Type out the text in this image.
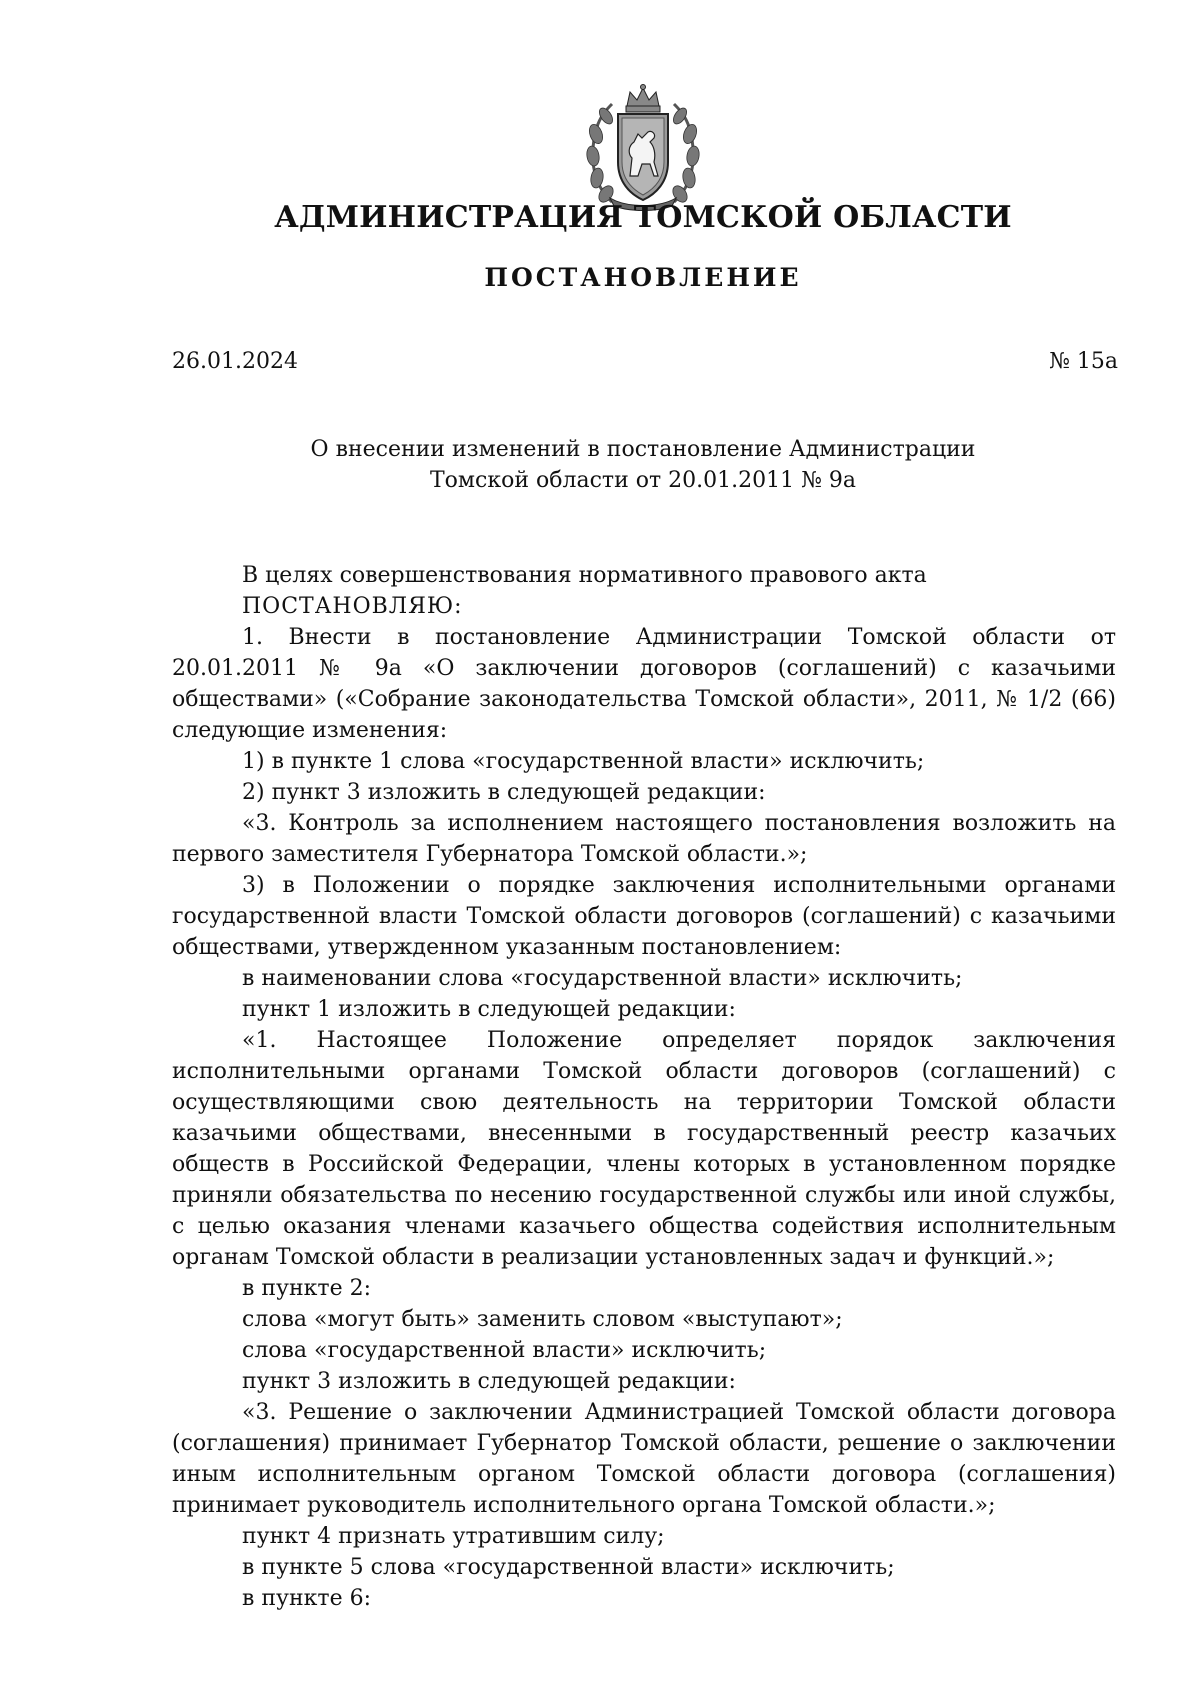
АДМИНИСТРАЦИЯ ТОМСКОЙ ОБЛАСТИ
ПОСТАНОВЛЕНИЕ
26.01.2024	№ 15а
О внесении изменений в постановление Администрации
Томской области от 20.01.2011 № 9а

В целях совершенствования нормативного правового акта

ПОСТАНОВЛЯЮ:

1. Внести в постановление Администрации Томской области от 20.01.2011 № 9а «О заключении договоров (соглашений) с казачьими обществами» («Собрание законодательства Томской области», 2011, № 1/2 (66) следующие изменения:

1) в пункте 1 слова «государственной власти» исключить;

2) пункт 3 изложить в следующей редакции:

«3. Контроль за исполнением настоящего постановления возложить на первого заместителя Губернатора Томской области.»;

3) в Положении о порядке заключения исполнительными органами государственной власти Томской области договоров (соглашений) с казачьими обществами, утвержденном указанным постановлением:

в наименовании слова «государственной власти» исключить;

пункт 1 изложить в следующей редакции:

«1. Настоящее Положение определяет порядок заключения исполнительными органами Томской области договоров (соглашений) с осуществляющими свою деятельность на территории Томской области казачьими обществами, внесенными в государственный реестр казачьих обществ в Российской Федерации, члены которых в установленном порядке приняли обязательства по несению государственной службы или иной службы, с целью оказания членами казачьего общества содействия исполнительным органам Томской области в реализации установленных задач и функций.»;

в пункте 2:

слова «могут быть» заменить словом «выступают»;

слова «государственной власти» исключить;

пункт 3 изложить в следующей редакции:

«3. Решение о заключении Администрацией Томской области договора (соглашения) принимает Губернатор Томской области, решение о заключении иным исполнительным органом Томской области договора (соглашения) принимает руководитель исполнительного органа Томской области.»;

пункт 4 признать утратившим силу;

в пункте 5 слова «государственной власти» исключить;

в пункте 6:
